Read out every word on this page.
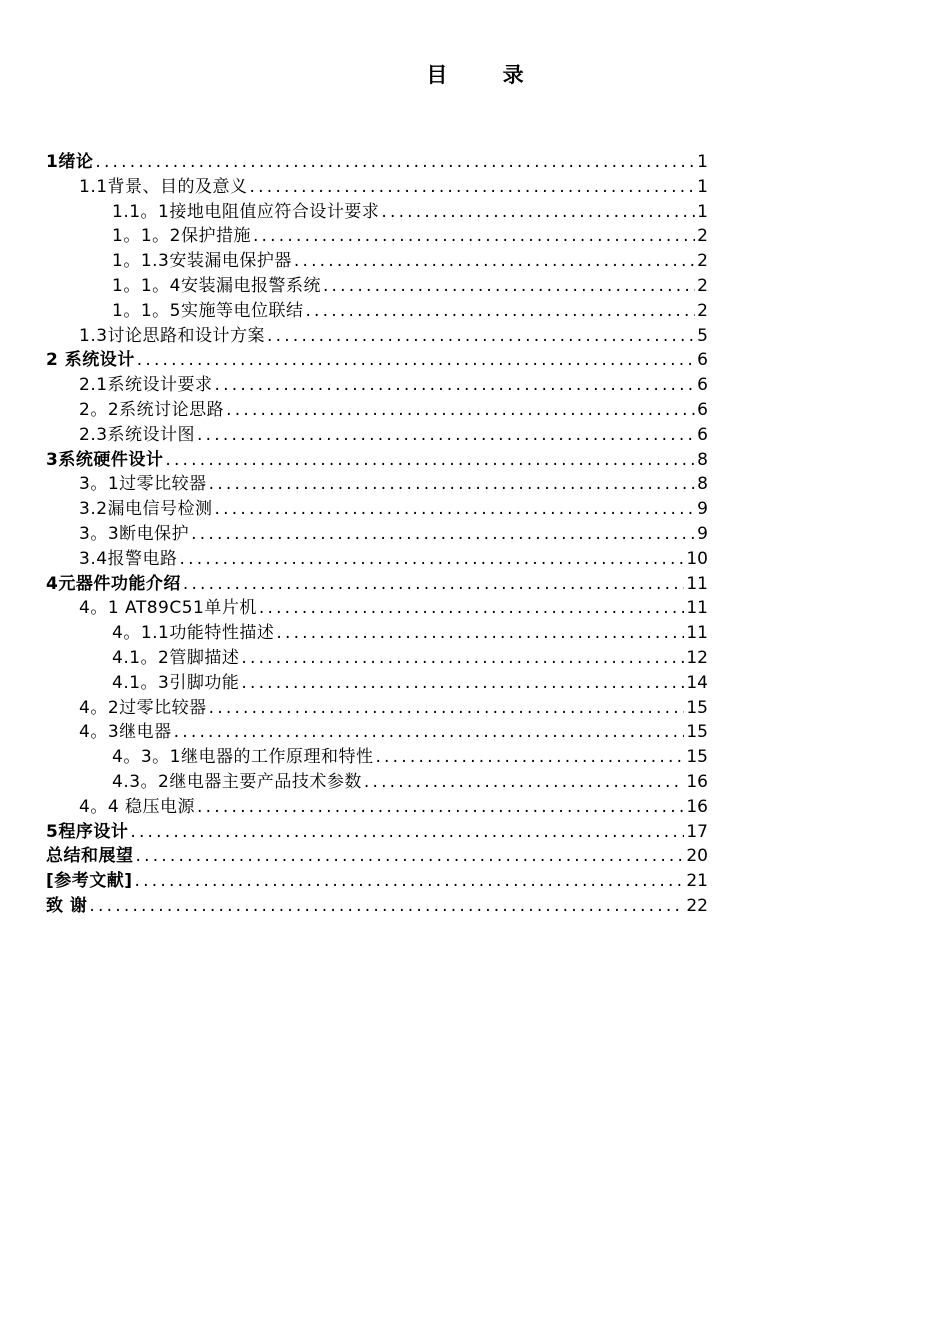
目 录
1绪论 .....	1
1.1背景、目的及意义 .....	1
1.1。1接地电阻值应符合设计要求 .....	1
1。1。2保护措施 .....	2
1。1.3安装漏电保护器 .....	2
1。1。4安装漏电报警系统 .....	2
1。1。5实施等电位联结 .....	2
1.3讨论思路和设计方案 .....	5
2 系统设计 .....	6
2.1系统设计要求 .....	6
2。2系统讨论思路 .....	6
2.3系统设计图 .....	6
3系统硬件设计 .....	8
3。1过零比较器 .....	8
3.2漏电信号检测 .....	9
3。3断电保护 .....	9
3.4报警电路 .....	10
4元器件功能介绍 .....	11
4。1 AT89C51单片机 .....	11
4。1.1功能特性描述 .....	11
4.1。2管脚描述 .....	12
4.1。3引脚功能 .....	14
4。2过零比较器 .....	15
4。3继电器 .....	15
4。3。1继电器的工作原理和特性 .....	15
4.3。2继电器主要产品技术参数 .....	16
4。4 稳压电源 .....	16
5程序设计 .....	17
总结和展望 .....	20
[参考文献] .....	21
致 谢 .....	22
